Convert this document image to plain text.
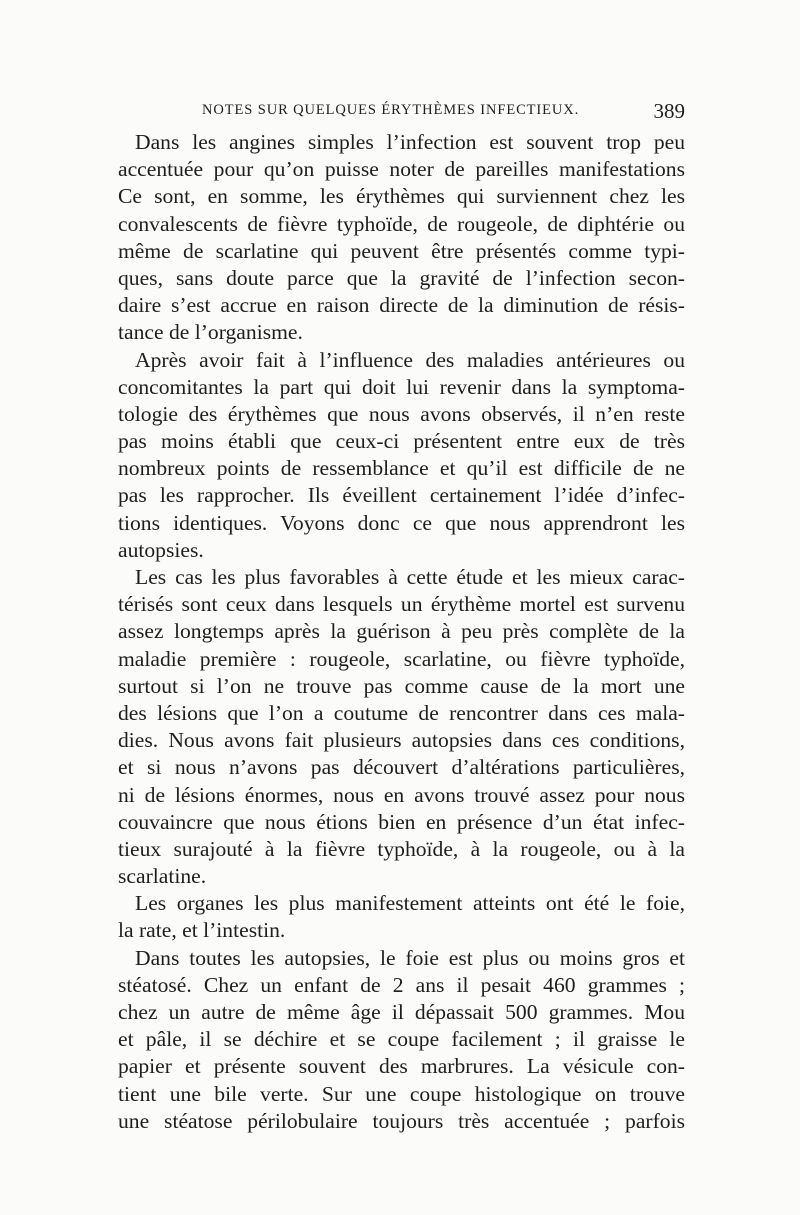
NOTES SUR QUELQUES ÉRYTHÈMES INFECTIEUX.	389
Dans les angines simples l’infection est souvent trop peu
accentuée pour qu’on puisse noter de pareilles manifestations
Ce sont, en somme, les érythèmes qui surviennent chez les
convalescents de fièvre typhoïde, de rougeole, de diphtérie ou
même de scarlatine qui peuvent être présentés comme typi-
ques, sans doute parce que la gravité de l’infection secon-
daire s’est accrue en raison directe de la diminution de résis-
tance de l’organisme.
Après avoir fait à l’influence des maladies antérieures ou
concomitantes la part qui doit lui revenir dans la symptoma-
tologie des érythèmes que nous avons observés, il n’en reste
pas moins établi que ceux-ci présentent entre eux de très
nombreux points de ressemblance et qu’il est difficile de ne
pas les rapprocher. Ils éveillent certainement l’idée d’infec-
tions identiques. Voyons donc ce que nous apprendront les
autopsies.
Les cas les plus favorables à cette étude et les mieux carac-
térisés sont ceux dans lesquels un érythème mortel est survenu
assez longtemps après la guérison à peu près complète de la
maladie première : rougeole, scarlatine, ou fièvre typhoïde,
surtout si l’on ne trouve pas comme cause de la mort une
des lésions que l’on a coutume de rencontrer dans ces mala-
dies. Nous avons fait plusieurs autopsies dans ces conditions,
et si nous n’avons pas découvert d’altérations particulières,
ni de lésions énormes, nous en avons trouvé assez pour nous
couvaincre que nous étions bien en présence d’un état infec-
tieux surajouté à la fièvre typhoïde, à la rougeole, ou à la
scarlatine.
Les organes les plus manifestement atteints ont été le foie,
la rate, et l’intestin.
Dans toutes les autopsies, le foie est plus ou moins gros et
stéatosé. Chez un enfant de 2 ans il pesait 460 grammes ;
chez un autre de même âge il dépassait 500 grammes. Mou
et pâle, il se déchire et se coupe facilement ; il graisse le
papier et présente souvent des marbrures. La vésicule con-
tient une bile verte. Sur une coupe histologique on trouve
une stéatose périlobulaire toujours très accentuée ; parfois
